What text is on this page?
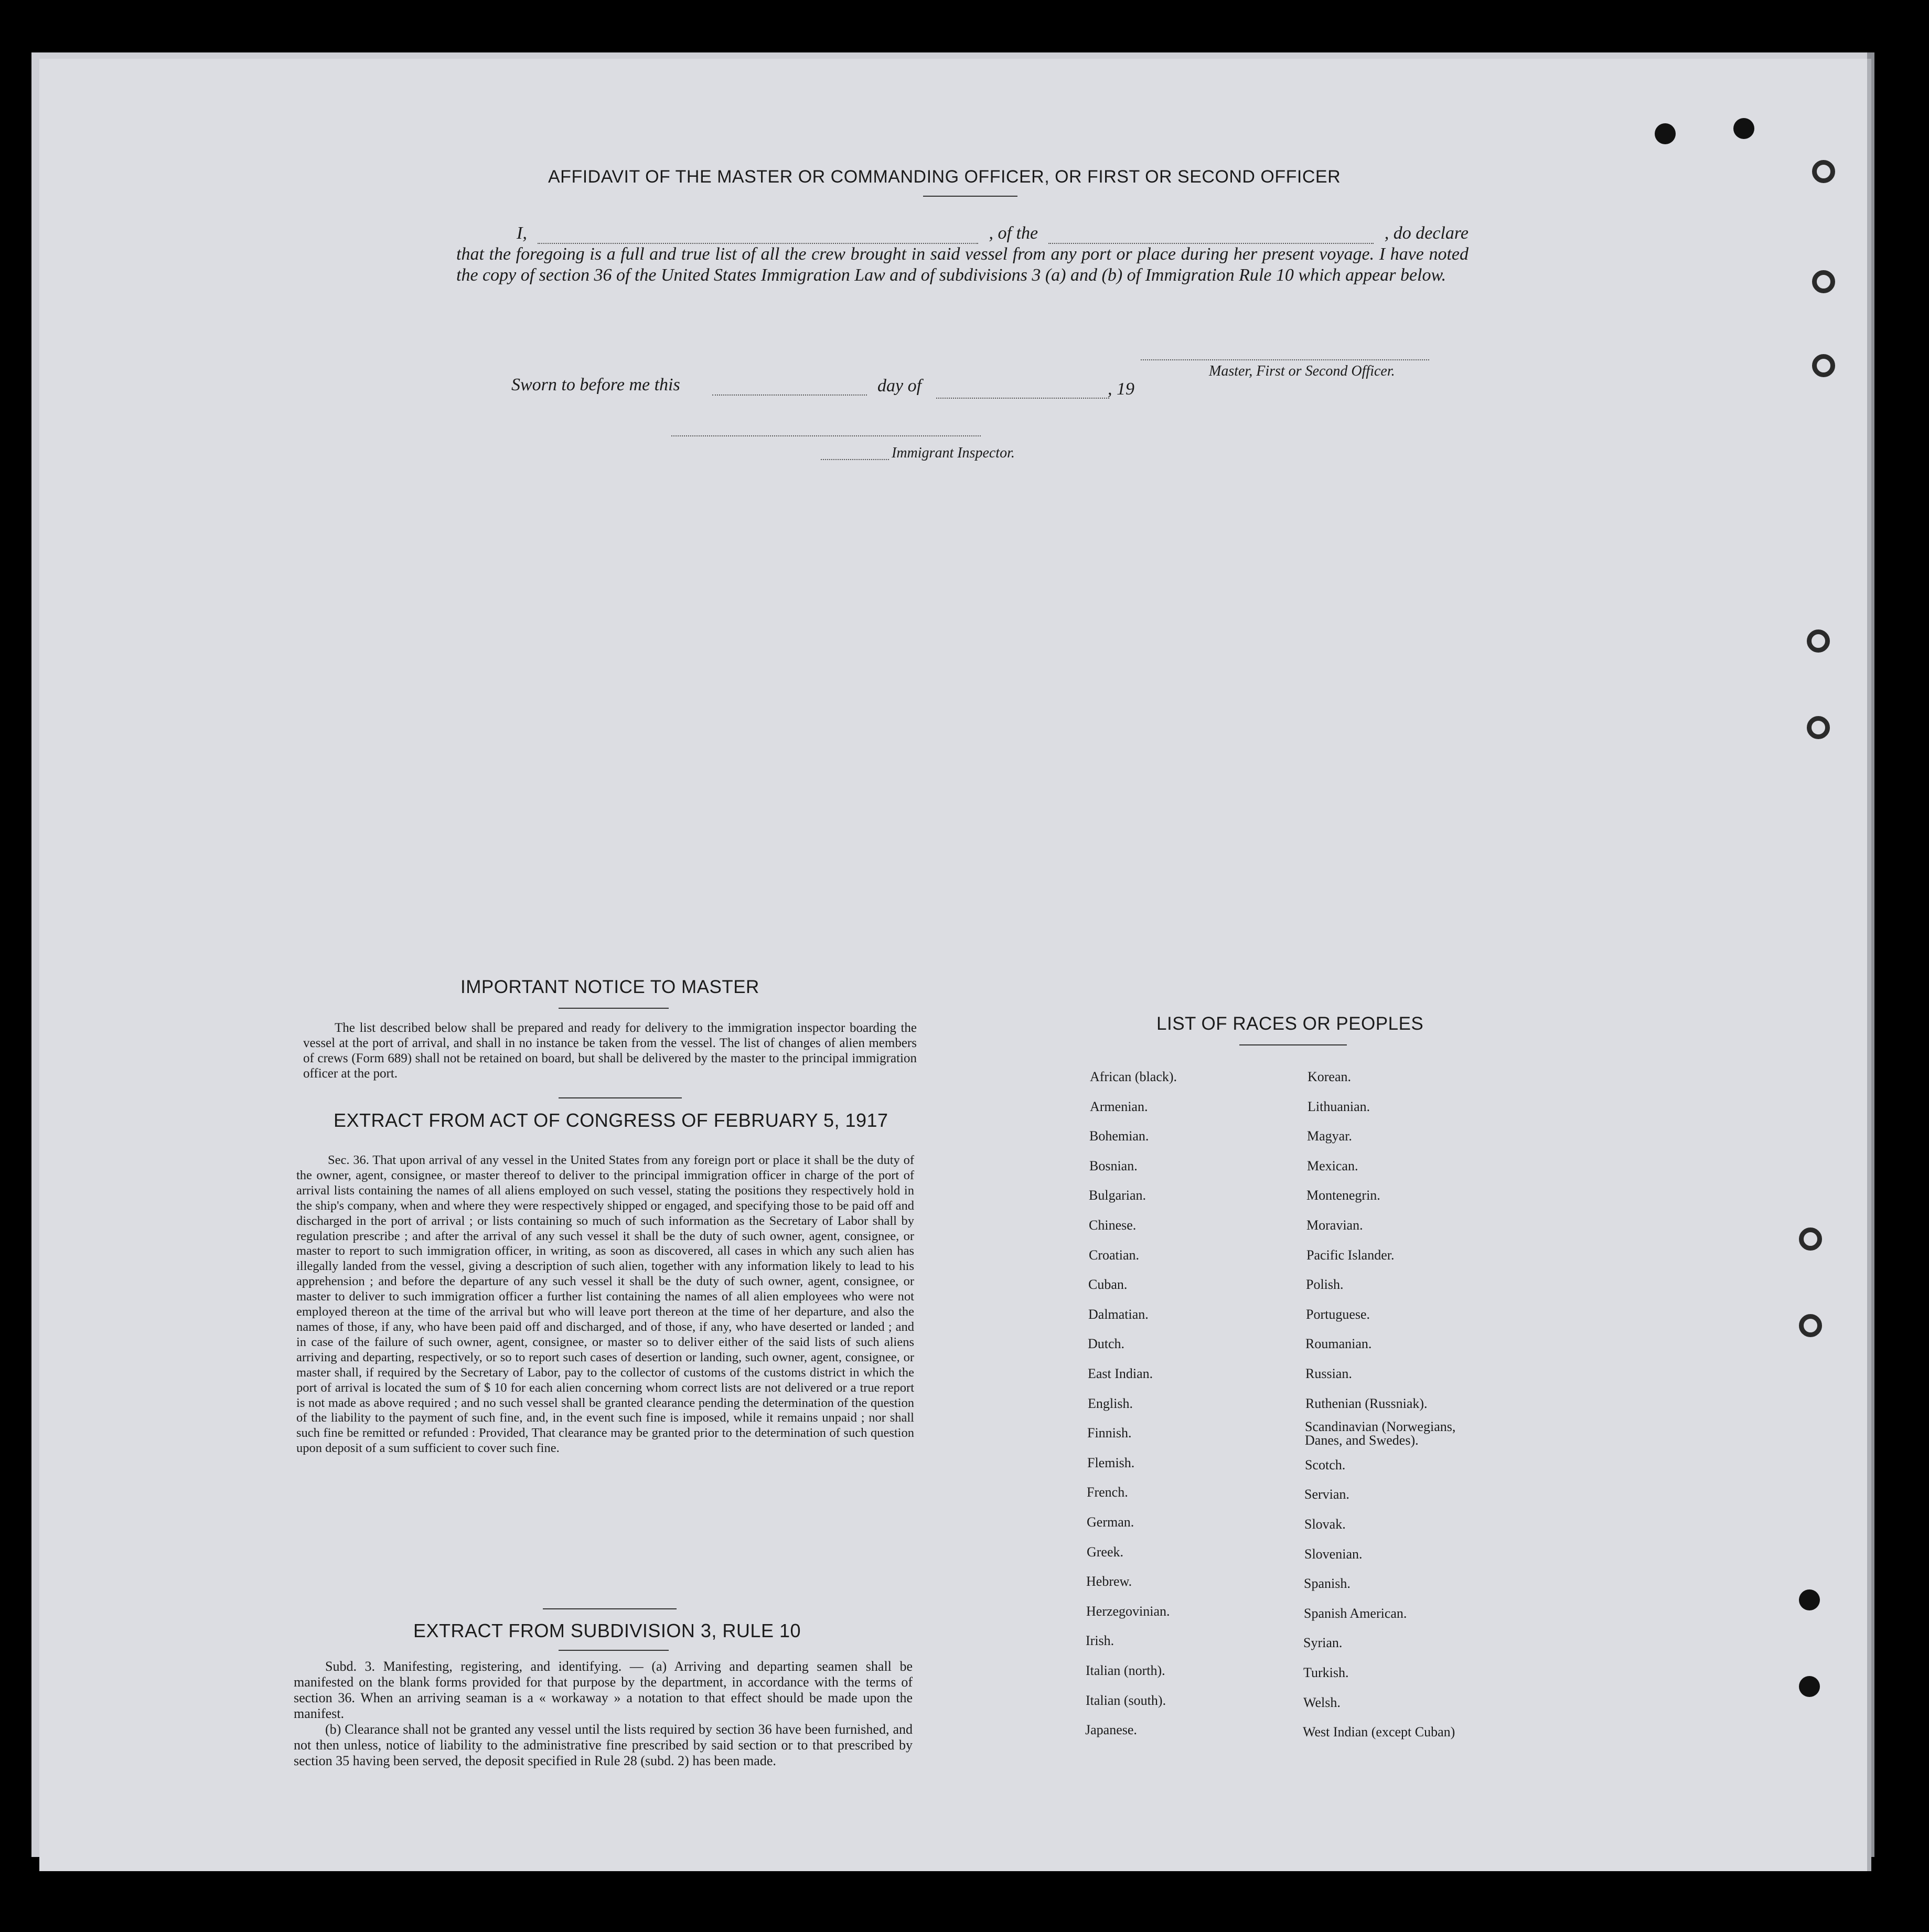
AFFIDAVIT OF THE MASTER OR COMMANDING OFFICER, OR FIRST OR SECOND OFFICER
I,	, of the	, do declare
that the foregoing is a full and true list of all the crew brought in said vessel from any port or place during her present voyage. I have noted the copy of section 36 of the United States Immigration Law and of subdivisions 3 (a) and (b) of Immigration Rule 10 which appear below.
Master, First or Second Officer.
Sworn to before me this	day of	, 19
Immigrant Inspector.
IMPORTANT NOTICE TO MASTER

The list described below shall be prepared and ready for delivery to the immigration inspector boarding the vessel at the port of arrival, and shall in no instance be taken from the vessel. The list of changes of alien members of crews (Form 689) shall not be retained on board, but shall be delivered by the master to the principal immigration officer at the port.

EXTRACT FROM ACT OF CONGRESS OF FEBRUARY 5, 1917

Sec. 36. That upon arrival of any vessel in the United States from any foreign port or place it shall be the duty of the owner, agent, consignee, or master thereof to deliver to the principal immigration officer in charge of the port of arrival lists containing the names of all aliens employed on such vessel, stating the positions they respectively hold in the ship's company, when and where they were respectively shipped or engaged, and specifying those to be paid off and discharged in the port of arrival ; or lists containing so much of such information as the Secretary of Labor shall by regulation prescribe ; and after the arrival of any such vessel it shall be the duty of such owner, agent, consignee, or master to report to such immigration officer, in writing, as soon as discovered, all cases in which any such alien has illegally landed from the vessel, giving a description of such alien, together with any information likely to lead to his apprehension ; and before the departure of any such vessel it shall be the duty of such owner, agent, consignee, or master to deliver to such immigration officer a further list containing the names of all alien employees who were not employed thereon at the time of the arrival but who will leave port thereon at the time of her departure, and also the names of those, if any, who have been paid off and discharged, and of those, if any, who have deserted or landed ; and in case of the failure of such owner, agent, consignee, or master so to deliver either of the said lists of such aliens arriving and departing, respectively, or so to report such cases of desertion or landing, such owner, agent, consignee, or master shall, if required by the Secretary of Labor, pay to the collector of customs of the customs district in which the port of arrival is located the sum of $ 10 for each alien concerning whom correct lists are not delivered or a true report is not made as above required ; and no such vessel shall be granted clearance pending the determination of the question of the liability to the payment of such fine, and, in the event such fine is imposed, while it remains unpaid ; nor shall such fine be remitted or refunded : Provided, That clearance may be granted prior to the determination of such question upon deposit of a sum sufficient to cover such fine.

EXTRACT FROM SUBDIVISION 3, RULE 10

Subd. 3. Manifesting, registering, and identifying. — (a) Arriving and departing seamen shall be manifested on the blank forms provided for that purpose by the department, in accordance with the terms of section 36. When an arriving seaman is a « workaway » a notation to that effect should be made upon the manifest.

(b) Clearance shall not be granted any vessel until the lists required by section 36 have been furnished, and not then unless, notice of liability to the administrative fine prescribed by said section or to that prescribed by section 35 having been served, the deposit specified in Rule 28 (subd. 2) has been made.

LIST OF RACES OR PEOPLES
African (black).
Armenian.
Bohemian.
Bosnian.
Bulgarian.
Chinese.
Croatian.
Cuban.
Dalmatian.
Dutch.
East Indian.
English.
Finnish.
Flemish.
French.
German.
Greek.
Hebrew.
Herzegovinian.
Irish.
Italian (north).
Italian (south).
Japanese.
Korean.
Lithuanian.
Magyar.
Mexican.
Montenegrin.
Moravian.
Pacific Islander.
Polish.
Portuguese.
Roumanian.
Russian.
Ruthenian (Russniak).
Scandinavian (Norwegians, Danes, and Swedes).
Scotch.
Servian.
Slovak.
Slovenian.
Spanish.
Spanish American.
Syrian.
Turkish.
Welsh.
West Indian (except Cuban)
